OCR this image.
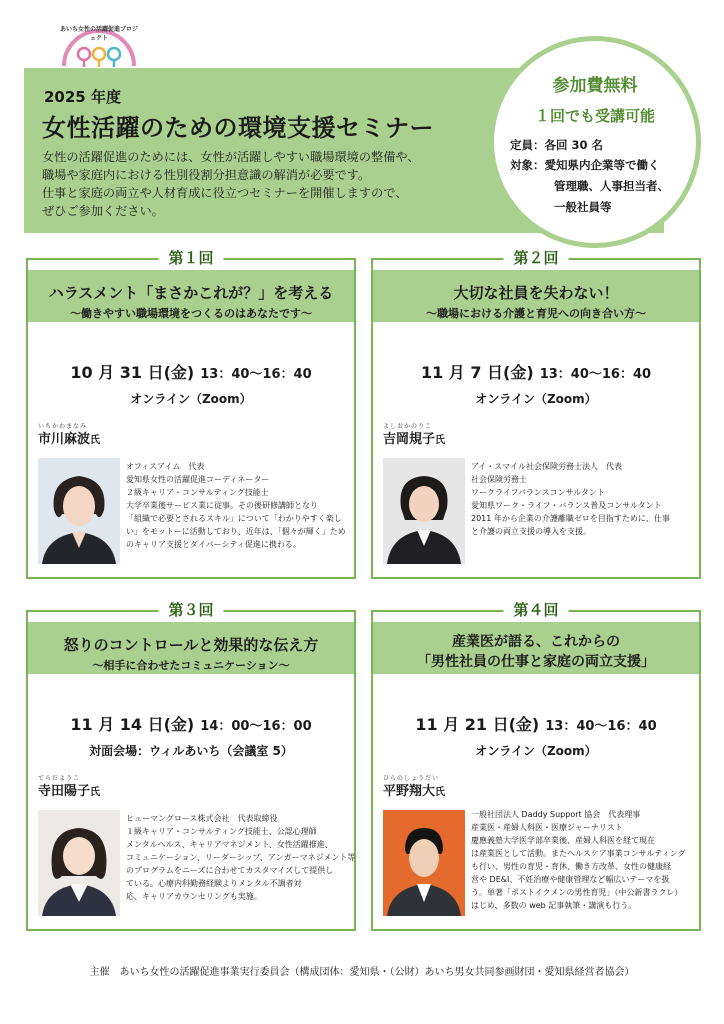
あいち女性の活躍促進プロジェクト
2025 年度
女性活躍のための環境支援セミナー
女性の活躍促進のためには、女性が活躍しやすい職場環境の整備や、
職場や家庭内における性別役割分担意識の解消が必要です。
仕事と家庭の両立や人材育成に役立つセミナーを開催しますので、
ぜひご参加ください。
参加費無料
１回でも受講可能
定員：各回 30 名
対象：愛知県内企業等で働く
管理職、人事担当者、
一般社員等
第１回
ハラスメント「まさかこれが？」を考える
～働きやすい職場環境をつくるのはあなたです～
10 月 31 日(金) 13：40～16：40
オンライン（Zoom）
いちかわまなみ
市川麻波氏
オフィスアイム　代表
愛知県女性の活躍促進コーディネーター
２級キャリア・コンサルティング技能士
大学卒業後サービス業に従事。その後研修講師となり
「組織で必要とされるスキル」について「わかりやすく楽し
い」をモットーに活動しており、近年は、「個々が輝く」ため
のキャリア支援とダイバーシティ促進に携わる。
第２回
大切な社員を失わない！
～職場における介護と育児への向き合い方～
11 月 7 日(金) 13：40～16：40
オンライン（Zoom）
よしおかのりこ
吉岡規子氏
アイ・スマイル社会保険労務士法人　代表
社会保険労務士
ワークライフバランスコンサルタント
愛知県ワーク・ライフ・バランス普及コンサルタント
2011 年から企業の介護離職ゼロを目指すために、仕事
と介護の両立支援の導入を支援。
第３回
怒りのコントロールと効果的な伝え方
～相手に合わせたコミュニケーション～
11 月 14 日(金) 14：00～16：00
対面会場：ウィルあいち（会議室 5）
てらだようこ
寺田陽子氏
ヒューマングロース株式会社　代表取締役
１級キャリア・コンサルティング技能士、公認心理師
メンタルヘルス、キャリアマネジメント、女性活躍推進、
コミュニケーション、リーダーシップ、アンガーマネジメント等
のプログラムをニーズに合わせてカスタマイズして提供し
ている。心療内科勤務経験よりメンタル不調者対
応、キャリアカウンセリングも実施。
第４回
産業医が語る、これからの
「男性社員の仕事と家庭の両立支援」
11 月 21 日(金) 13：40～16：40
オンライン（Zoom）
ひらのしょうだい
平野翔大氏
一般社団法人 Daddy Support 協会　代表理事
産業医・産婦人科医・医療ジャーナリスト
慶應義塾大学医学部卒業後、産婦人科医を経て現在
は産業医として活動。またヘルスケア事業コンサルティング
も行い、男性の育児・育休、働き方改革、女性の健康経
営や DE&I、不妊治療や健康管理など幅広いテーマを扱
う。単著「ポストイクメンの男性育児」（中公新書ラクレ）
はじめ、多数の web 記事執筆・講演も行う。
主催　あいち女性の活躍促進事業実行委員会（構成団体：愛知県・（公財）あいち男女共同参画財団・愛知県経営者協会）
